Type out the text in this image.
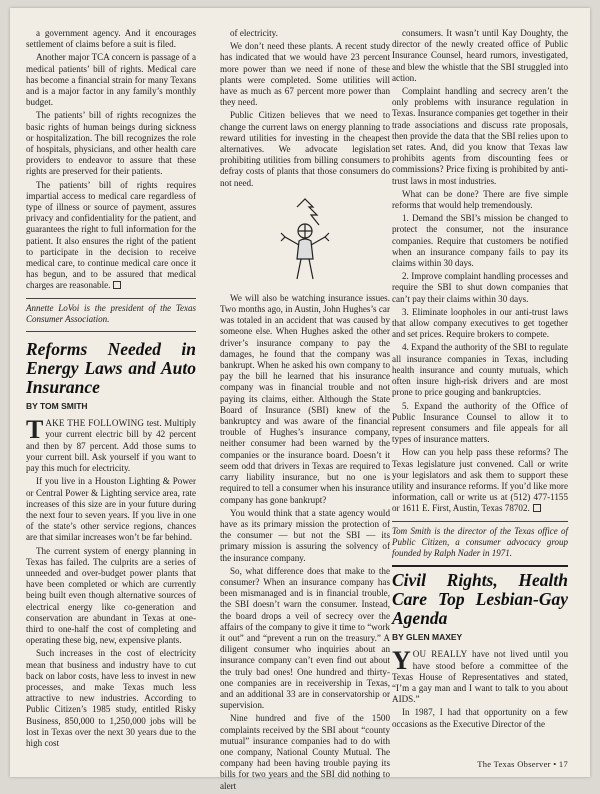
a government agency. And it encourages settlement of claims before a suit is filed.

Another major TCA concern is passage of a medical patients’ bill of rights. Medical care has become a financial strain for many Texans and is a major factor in any family’s monthly budget.

The patients’ bill of rights recognizes the basic rights of human beings during sickness or hospitalization. The bill recognizes the role of hospitals, physicians, and other health care providers to endeavor to assure that these rights are preserved for their patients.

The patients’ bill of rights requires impartial access to medical care regardless of type of illness or source of payment, assures privacy and confidentiality for the patient, and guarantees the right to full information for the patient. It also ensures the right of the patient to participate in the decision to receive medical care, to continue medical care once it has begun, and to be assured that medical charges are reasonable.

Annette LoVoi is the president of the Texas Consumer Association.

Reforms Needed in Energy Laws and Auto Insurance
BY TOM SMITH

TAKE THE FOLLOWING test. Multiply your current electric bill by 42 percent and then by 87 percent. Add those sums to your current bill. Ask yourself if you want to pay this much for electricity.

If you live in a Houston Lighting & Power or Central Power & Lighting service area, rate increases of this size are in your future during the next four to seven years. If you live in one of the state’s other service regions, chances are that similar increases won’t be far behind.

The current system of energy planning in Texas has failed. The culprits are a series of unneeded and over-budget power plants that have been completed or which are currently being built even though alternative sources of electrical energy like co-generation and conservation are abundant in Texas at one-third to one-half the cost of completing and operating these big, new, expensive plants.

Such increases in the cost of electricity mean that business and industry have to cut back on labor costs, have less to invest in new processes, and make Texas much less attractive to new industries. According to Public Citizen’s 1985 study, entitled Risky Business, 850,000 to 1,250,000 jobs will be lost in Texas over the next 30 years due to the high cost

of electricity.

We don’t need these plants. A recent study has indicated that we would have 23 percent more power than we need if none of these plants were completed. Some utilities will have as much as 67 percent more power than they need.

Public Citizen believes that we need to change the current laws on energy planning to reward utilities for investing in the cheapest alternatives. We advocate legislation prohibiting utilities from billing consumers to defray costs of plants that those consumers do not need.

We will also be watching insurance issues. Two months ago, in Austin, John Hughes’s car was totaled in an accident that was caused by someone else. When Hughes asked the other driver’s insurance company to pay the damages, he found that the company was bankrupt. When he asked his own company to pay the bill he learned that his insurance company was in financial trouble and not paying its claims, either. Although the State Board of Insurance (SBI) knew of the bankruptcy and was aware of the financial trouble of Hughes’s insurance company, neither consumer had been warned by the companies or the insurance board. Doesn’t it seem odd that drivers in Texas are required to carry liability insurance, but no one is required to tell a consumer when his insurance company has gone bankrupt?

You would think that a state agency would have as its primary mission the protection of the consumer — but not the SBI — its primary mission is assuring the solvency of the insurance company.

So, what difference does that make to the consumer? When an insurance company has been mismanaged and is in financial trouble, the SBI doesn’t warn the consumer. Instead, the board drops a veil of secrecy over the affairs of the company to give it time to “work it out” and “prevent a run on the treasury.” A diligent consumer who inquiries about an insurance company can’t even find out about the truly bad ones! One hundred and thirty-one companies are in receivership in Texas, and an additional 33 are in conservatorship or supervision.

Nine hundred and five of the 1500 complaints received by the SBI about “county mutual” insurance companies had to do with one company, National County Mutual. The company had been having trouble paying its bills for two years and the SBI did nothing to alert

consumers. It wasn’t until Kay Doughty, the director of the newly created office of Public Insurance Counsel, heard rumors, investigated, and blew the whistle that the SBI struggled into action.

Complaint handling and secrecy aren’t the only problems with insurance regulation in Texas. Insurance companies get together in their trade associations and discuss rate proposals, then provide the data that the SBI relies upon to set rates. And, did you know that Texas law prohibits agents from discounting fees or commissions? Price fixing is prohibited by anti-trust laws in most industries.

What can be done? There are five simple reforms that would help tremendously.

1. Demand the SBI’s mission be changed to protect the consumer, not the insurance companies. Require that customers be notified when an insurance company fails to pay its claims within 30 days.

2. Improve complaint handling processes and require the SBI to shut down companies that can’t pay their claims within 30 days.

3. Eliminate loopholes in our anti-trust laws that allow company executives to get together and set prices. Require brokers to compete.

4. Expand the authority of the SBI to regulate all insurance companies in Texas, including health insurance and county mutuals, which often insure high-risk drivers and are most prone to price gouging and bankruptcies.

5. Expand the authority of the Office of Public Insurance Counsel to allow it to represent consumers and file appeals for all types of insurance matters.

How can you help pass these reforms? The Texas legislature just convened. Call or write your legislators and ask them to support these utility and insurance reforms. If you’d like more information, call or write us at (512) 477-1155 or 1611 E. First, Austin, Texas 78702.

Tom Smith is the director of the Texas office of Public Citizen, a consumer advocacy group founded by Ralph Nader in 1971.

Civil Rights, Health Care Top Lesbian-Gay Agenda
BY GLEN MAXEY

YOU REALLY have not lived until you have stood before a committee of the Texas House of Representatives and stated, “I’m a gay man and I want to talk to you about AIDS.”

In 1987, I had that opportunity on a few occasions as the Executive Director of the

The Texas Observer • 17
